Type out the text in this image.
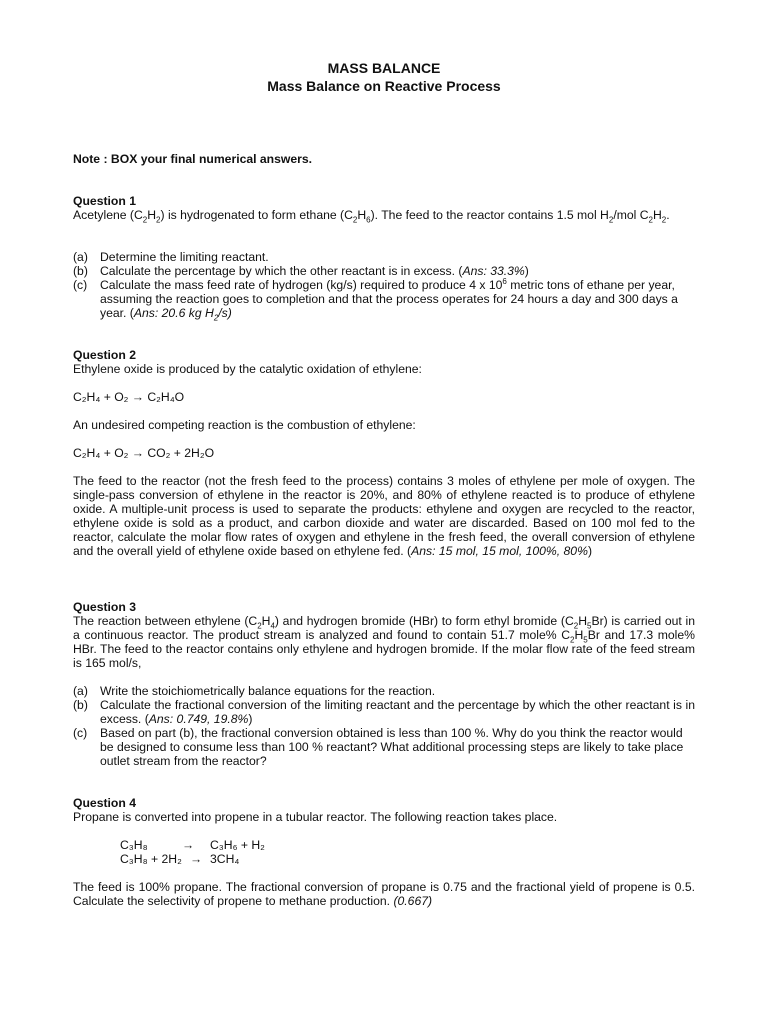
MASS BALANCE
Mass Balance on Reactive Process
Note : BOX your final numerical answers.
Question 1
Acetylene $(C_2H_2)$ is hydrogenated to form ethane $(C_2H_6)$. The feed to the reactor contains 1.5 mol $H_2$/mol $C_2H_2$.
(a) Determine the limiting reactant.
(b) Calculate the percentage by which the other reactant is in excess. (Ans: 33.3%)
(c)	Calculate the mass feed rate of hydrogen (kg/s) required to produce 4 x $10^6$ metric tons of ethane per year, assuming the reaction goes to completion and that the process operates for 24 hours a day and 300 days a year. (Ans: 20.6 kg $H_2/s$)
Question 2
Ethylene oxide is produced by the catalytic oxidation of ethylene:
C₂H₄ + O₂ → C₂H₄O
An undesired competing reaction is the combustion of ethylene:
C₂H₄ + O₂ → CO₂ + 2H₂O
The feed to the reactor (not the fresh feed to the process) contains 3 moles of ethylene per mole of oxygen. The single-pass conversion of ethylene in the reactor is 20%, and 80% of ethylene reacted is to produce of ethylene oxide. A multiple-unit process is used to separate the products: ethylene and oxygen are recycled to the reactor, ethylene oxide is sold as a product, and carbon dioxide and water are discarded. Based on 100 mol fed to the reactor, calculate the molar flow rates of oxygen and ethylene in the fresh feed, the overall conversion of ethylene and the overall yield of ethylene oxide based on ethylene fed. (Ans: 15 mol, 15 mol, 100%, 80%)
Question 3
The reaction between ethylene $(C_2H_4)$ and hydrogen bromide (HBr) to form ethyl bromide $(C_2H_5Br)$ is carried out in a continuous reactor. The product stream is analyzed and found to contain 51.7 mole% $C_2H_5Br$ and 17.3 mole% HBr. The feed to the reactor contains only ethylene and hydrogen bromide. If the molar flow rate of the feed stream is 165 mol/s,
(a) Write the stoichiometrically balance equations for the reaction.
(b) Calculate the fractional conversion of the limiting reactant and the percentage by which the other reactant is in excess. (Ans: 0.749, 19.8%)
(c)	Based on part (b), the fractional conversion obtained is less than 100 %. Why do you think the reactor would be designed to consume less than 100 % reactant? What additional processing steps are likely to take place outlet stream from the reactor?
Question 4
Propane is converted into propene in a tubular reactor. The following reaction takes place.
C₃H₈	→ C₃H₆ + H₂
C₃H₈ + 2H₂ → 3CH₄
The feed is 100% propane. The fractional conversion of propane is 0.75 and the fractional yield of propene is 0.5. Calculate the selectivity of propene to methane production. (0.667)
